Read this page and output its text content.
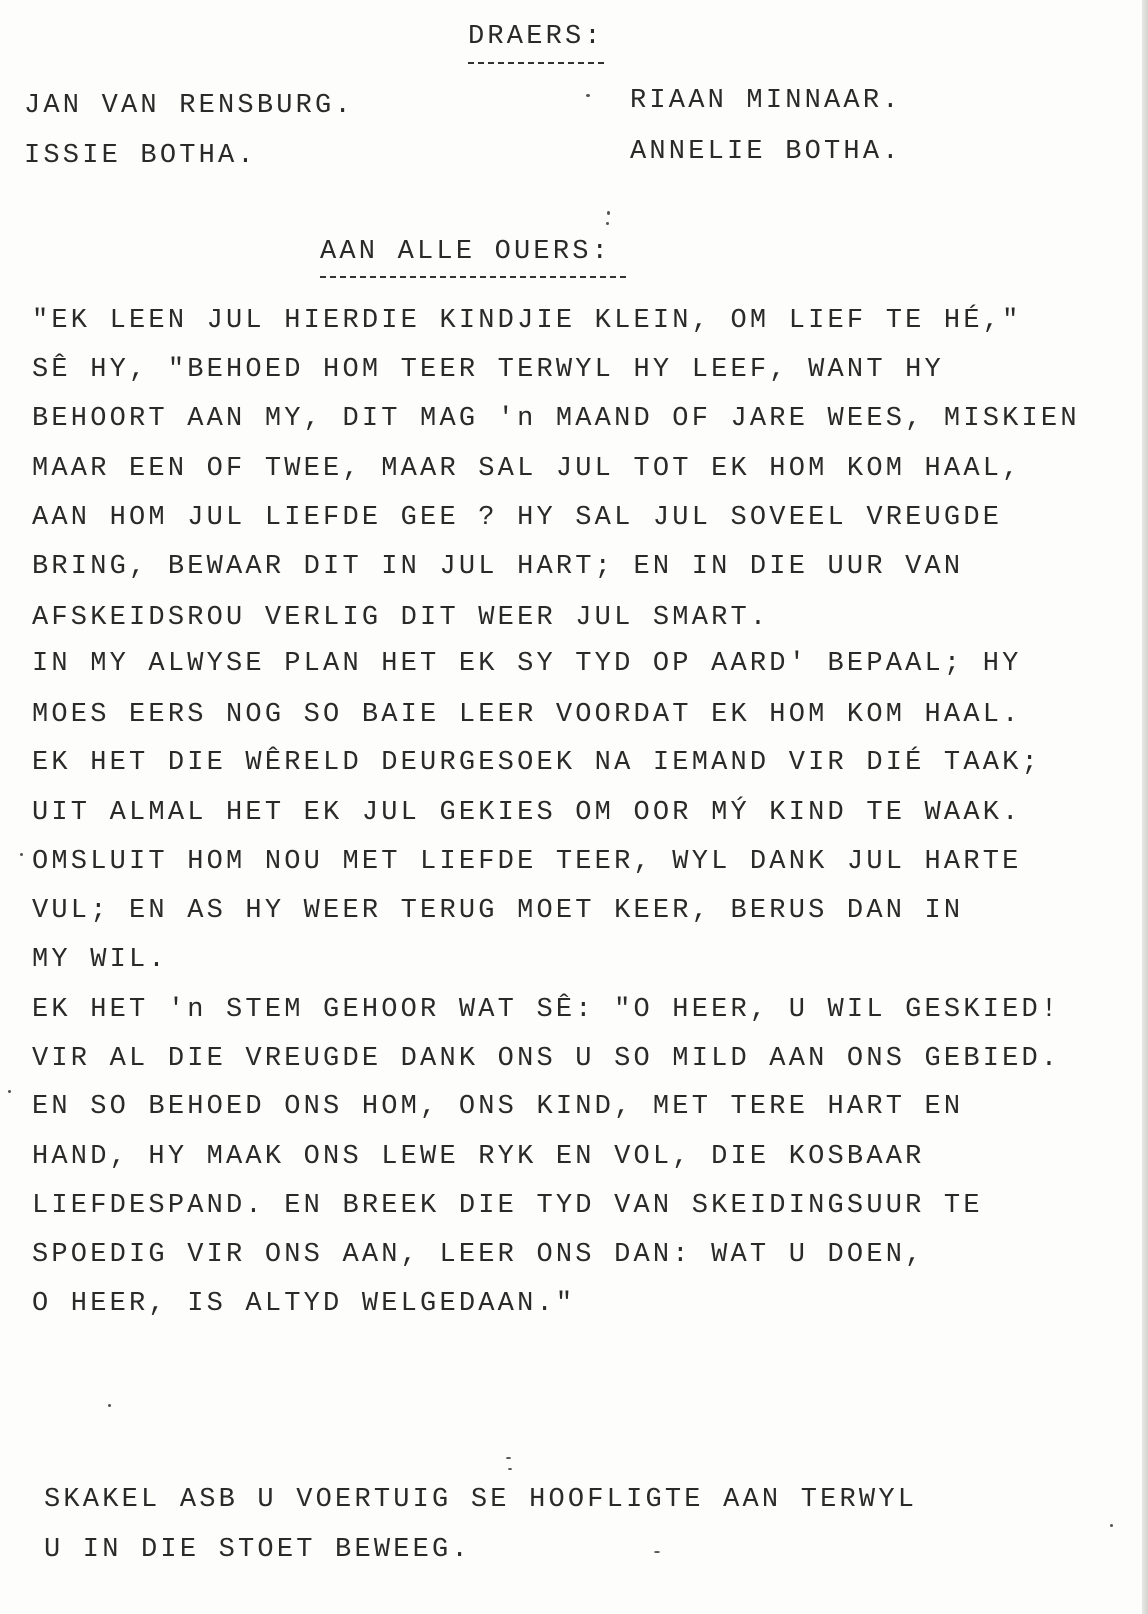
DRAERS:

JAN VAN RENSBURG.

ISSIE BOTHA.

RIAAN MINNAAR.

ANNELIE BOTHA.

AAN ALLE OUERS:

"EK LEEN JUL HIERDIE KINDJIE KLEIN, OM LIEF TE HÉ,"

SÊ HY, "BEHOED HOM TEER TERWYL HY LEEF, WANT HY

BEHOORT AAN MY, DIT MAG 'n MAAND OF JARE WEES, MISKIEN

MAAR EEN OF TWEE, MAAR SAL JUL TOT EK HOM KOM HAAL,

AAN HOM JUL LIEFDE GEE ? HY SAL JUL SOVEEL VREUGDE

BRING, BEWAAR DIT IN JUL HART; EN IN DIE UUR VAN

AFSKEIDSROU VERLIG DIT WEER JUL SMART.

IN MY ALWYSE PLAN HET EK SY TYD OP AARD' BEPAAL; HY

MOES EERS NOG SO BAIE LEER VOORDAT EK HOM KOM HAAL.

EK HET DIE WÊRELD DEURGESOEK NA IEMAND VIR DIÉ TAAK;

UIT ALMAL HET EK JUL GEKIES OM OOR MÝ KIND TE WAAK.

OMSLUIT HOM NOU MET LIEFDE TEER, WYL DANK JUL HARTE

VUL; EN AS HY WEER TERUG MOET KEER, BERUS DAN IN

MY WIL.

EK HET 'n STEM GEHOOR WAT SÊ: "O HEER, U WIL GESKIED!

VIR AL DIE VREUGDE DANK ONS U SO MILD AAN ONS GEBIED.

EN SO BEHOED ONS HOM, ONS KIND, MET TERE HART EN

HAND, HY MAAK ONS LEWE RYK EN VOL, DIE KOSBAAR

LIEFDESPAND. EN BREEK DIE TYD VAN SKEIDINGSUUR TE

SPOEDIG VIR ONS AAN, LEER ONS DAN: WAT U DOEN,

O HEER, IS ALTYD WELGEDAAN."

SKAKEL ASB U VOERTUIG SE HOOFLIGTE AAN TERWYL

U IN DIE STOET BEWEEG.
